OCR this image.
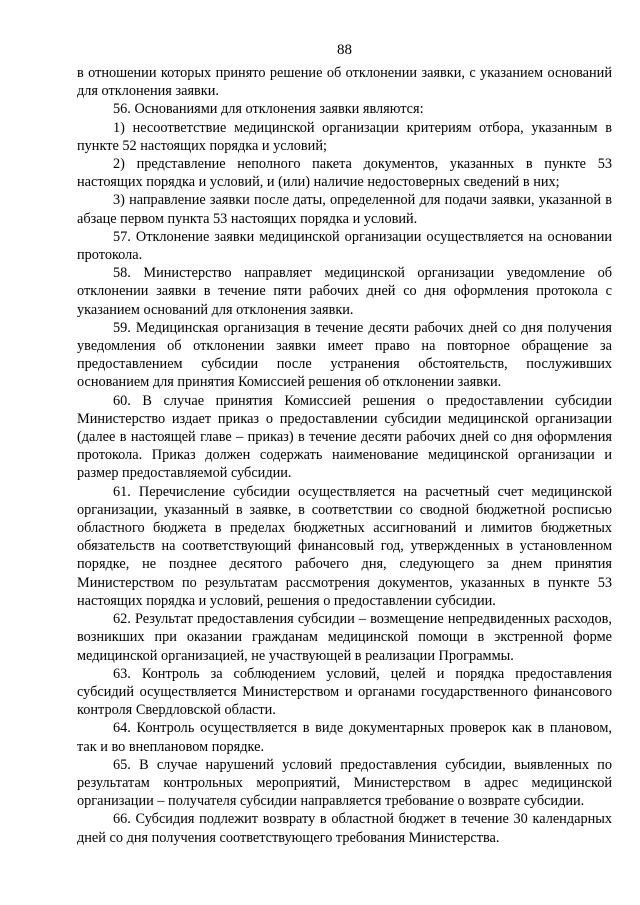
88

в отношении которых принято решение об отклонении заявки, с указанием оснований для отклонения заявки.

56. Основаниями для отклонения заявки являются:

1) несоответствие медицинской организации критериям отбора, указанным в пункте 52 настоящих порядка и условий;

2) представление неполного пакета документов, указанных в пункте 53 настоящих порядка и условий, и (или) наличие недостоверных сведений в них;

3) направление заявки после даты, определенной для подачи заявки, указанной в абзаце первом пункта 53 настоящих порядка и условий.

57. Отклонение заявки медицинской организации осуществляется на основании протокола.

58. Министерство направляет медицинской организации уведомление об отклонении заявки в течение пяти рабочих дней со дня оформления протокола с указанием оснований для отклонения заявки.

59. Медицинская организация в течение десяти рабочих дней со дня получения уведомления об отклонении заявки имеет право на повторное обращение за предоставлением субсидии после устранения обстоятельств, послуживших основанием для принятия Комиссией решения об отклонении заявки.

60. В случае принятия Комиссией решения о предоставлении субсидии Министерство издает приказ о предоставлении субсидии медицинской организации (далее в настоящей главе – приказ) в течение десяти рабочих дней со дня оформления протокола. Приказ должен содержать наименование медицинской организации и размер предоставляемой субсидии.

61. Перечисление субсидии осуществляется на расчетный счет медицинской организации, указанный в заявке, в соответствии со сводной бюджетной росписью областного бюджета в пределах бюджетных ассигнований и лимитов бюджетных обязательств на соответствующий финансовый год, утвержденных в установленном порядке, не позднее десятого рабочего дня, следующего за днем принятия Министерством по результатам рассмотрения документов, указанных в пункте 53 настоящих порядка и условий, решения о предоставлении субсидии.

62. Результат предоставления субсидии – возмещение непредвиденных расходов, возникших при оказании гражданам медицинской помощи в экстренной форме медицинской организацией, не участвующей в реализации Программы.

63. Контроль за соблюдением условий, целей и порядка предоставления субсидий осуществляется Министерством и органами государственного финансового контроля Свердловской области.

64. Контроль осуществляется в виде документарных проверок как в плановом, так и во внеплановом порядке.

65. В случае нарушений условий предоставления субсидии, выявленных по результатам контрольных мероприятий, Министерством в адрес медицинской организации – получателя субсидии направляется требование о возврате субсидии.

66. Субсидия подлежит возврату в областной бюджет в течение 30 календарных дней со дня получения соответствующего требования Министерства.
